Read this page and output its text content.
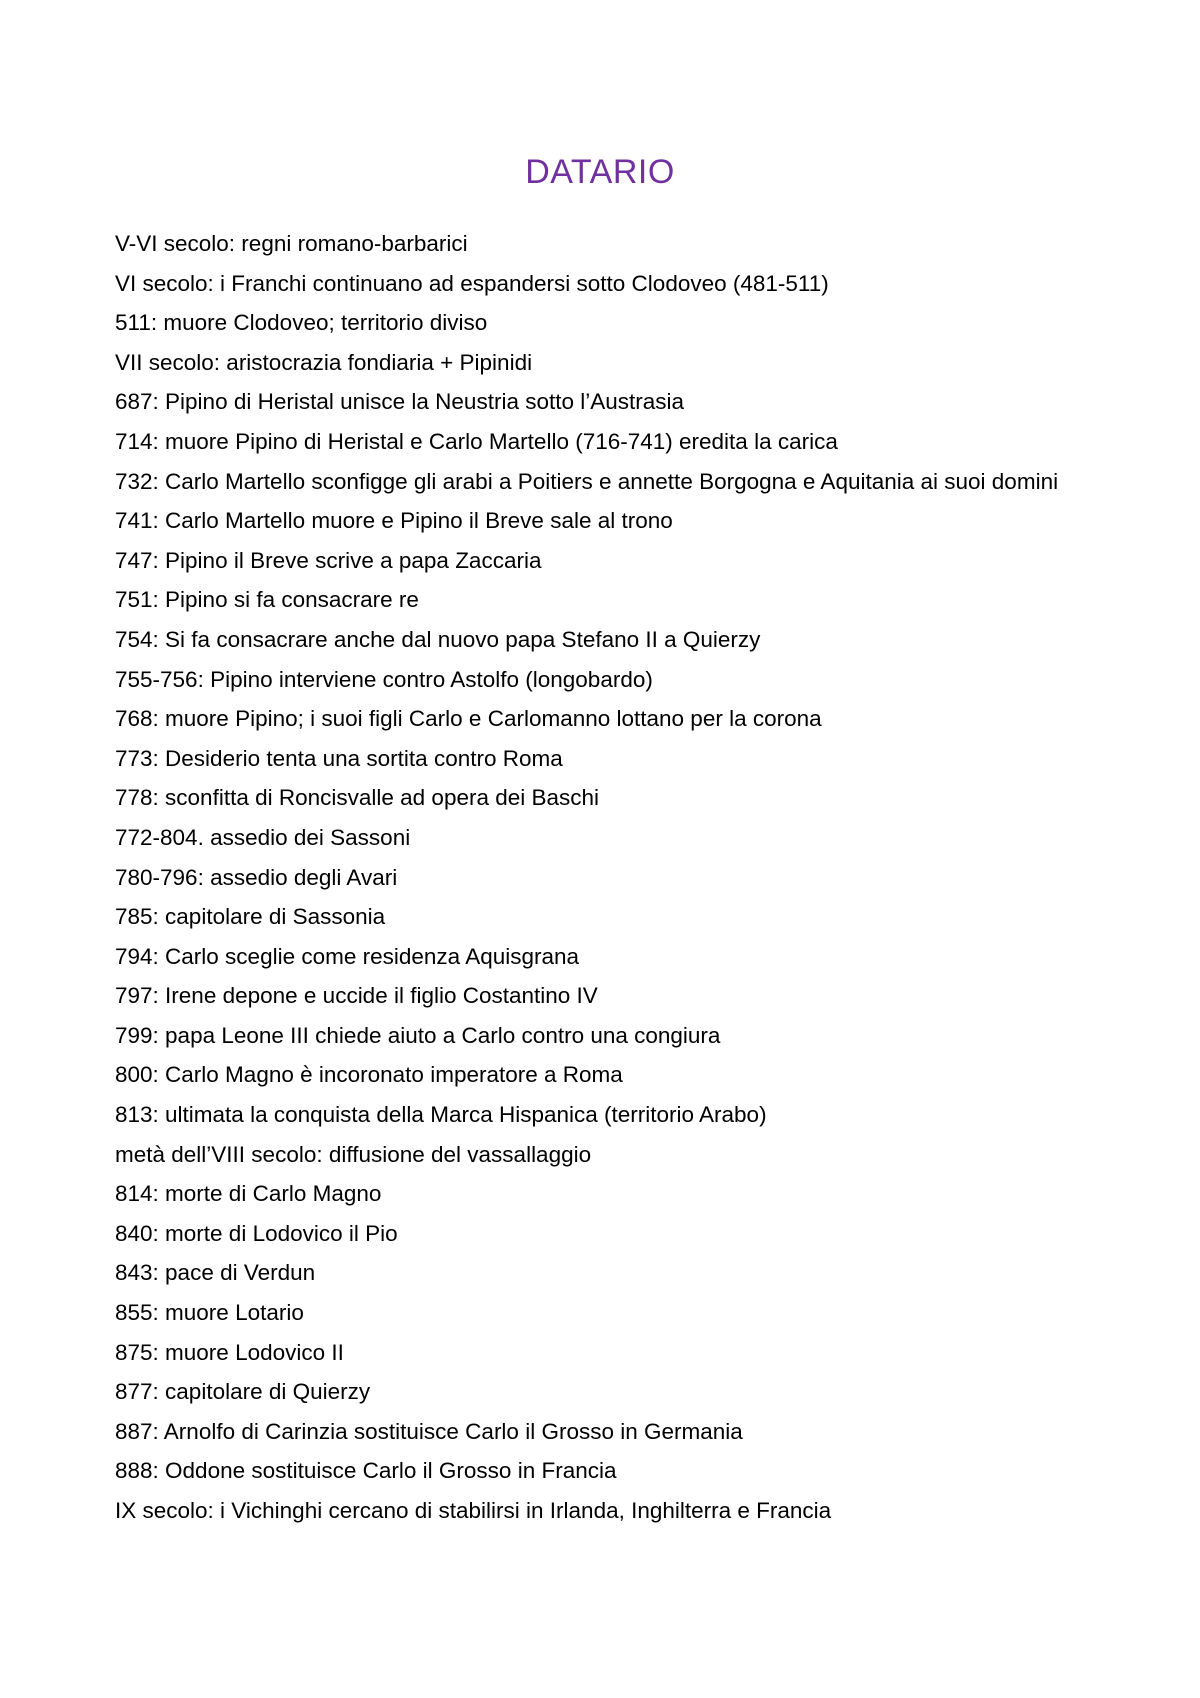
DATARIO
V-VI secolo: regni romano-barbarici
VI secolo: i Franchi continuano ad espandersi sotto Clodoveo (481-511)
511: muore Clodoveo; territorio diviso
VII secolo: aristocrazia fondiaria + Pipinidi
687: Pipino di Heristal unisce la Neustria sotto l’Austrasia
714: muore Pipino di Heristal e Carlo Martello (716-741) eredita la carica
732: Carlo Martello sconfigge gli arabi a Poitiers e annette Borgogna e Aquitania ai suoi domini
741: Carlo Martello muore e Pipino il Breve sale al trono
747: Pipino il Breve scrive a papa Zaccaria
751: Pipino si fa consacrare re
754: Si fa consacrare anche dal nuovo papa Stefano II a Quierzy
755-756: Pipino interviene contro Astolfo (longobardo)
768: muore Pipino; i suoi figli Carlo e Carlomanno lottano per la corona
773: Desiderio tenta una sortita contro Roma
778: sconfitta di Roncisvalle ad opera dei Baschi
772-804. assedio dei Sassoni
780-796: assedio degli Avari
785: capitolare di Sassonia
794: Carlo sceglie come residenza Aquisgrana
797: Irene depone e uccide il figlio Costantino IV
799: papa Leone III chiede aiuto a Carlo contro una congiura
800: Carlo Magno è incoronato imperatore a Roma
813: ultimata la conquista della Marca Hispanica (territorio Arabo)
metà dell’VIII secolo: diffusione del vassallaggio
814: morte di Carlo Magno
840: morte di Lodovico il Pio
843: pace di Verdun
855: muore Lotario
875: muore Lodovico II
877: capitolare di Quierzy
887: Arnolfo di Carinzia sostituisce Carlo il Grosso in Germania
888: Oddone sostituisce Carlo il Grosso in Francia
IX secolo: i Vichinghi cercano di stabilirsi in Irlanda, Inghilterra e Francia
